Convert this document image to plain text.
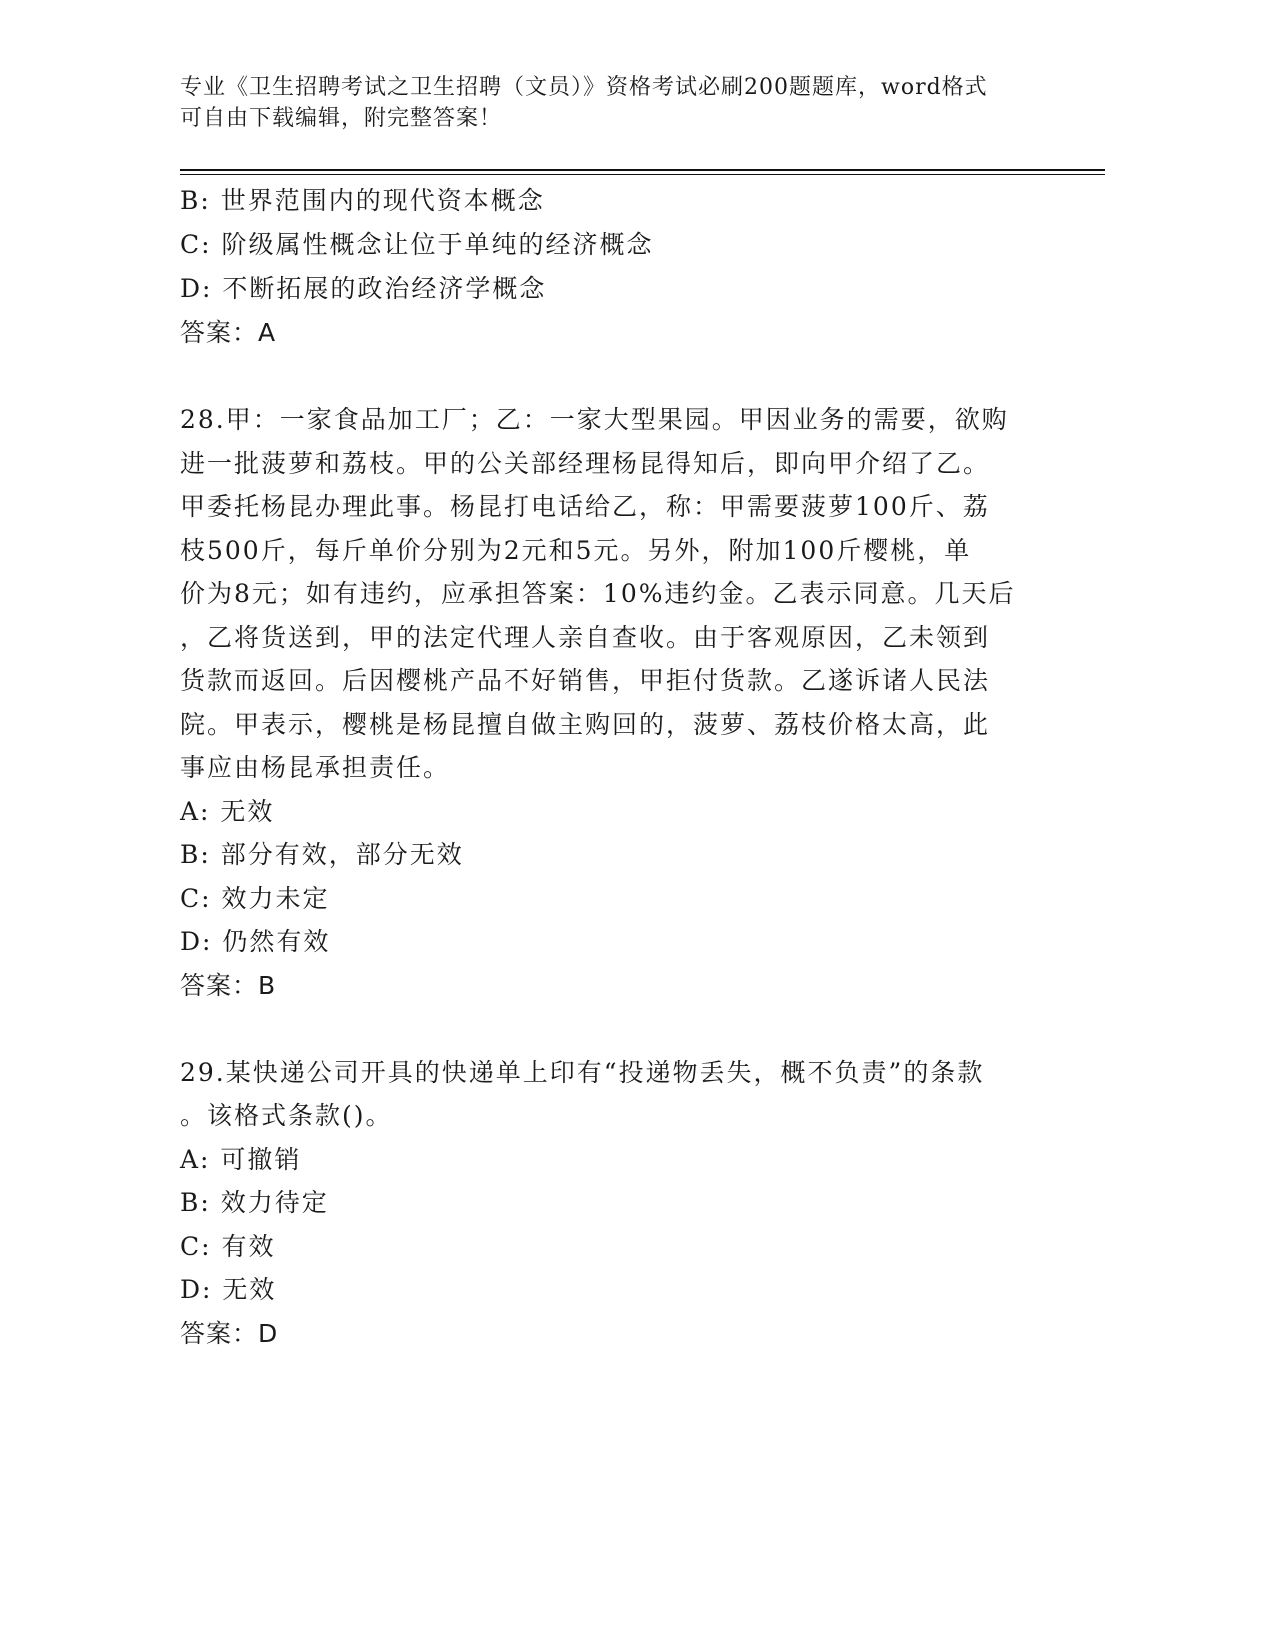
专业《卫生招聘考试之卫生招聘（文员）》资格考试必刷200题题库，word格式
可自由下载编辑，附完整答案！
B: 世界范围内的现代资本概念
C: 阶级属性概念让位于单纯的经济概念
D: 不断拓展的政治经济学概念
答案：A
28.甲：一家食品加工厂；乙：一家大型果园。甲因业务的需要，欲购
进一批菠萝和荔枝。甲的公关部经理杨昆得知后，即向甲介绍了乙。
甲委托杨昆办理此事。杨昆打电话给乙，称：甲需要菠萝100斤、荔
枝500斤，每斤单价分别为2元和5元。另外，附加100斤樱桃，单
价为8元；如有违约，应承担答案：10%违约金。乙表示同意。几天后
，乙将货送到，甲的法定代理人亲自查收。由于客观原因，乙未领到
货款而返回。后因樱桃产品不好销售，甲拒付货款。乙遂诉诸人民法
院。甲表示，樱桃是杨昆擅自做主购回的，菠萝、荔枝价格太高，此
事应由杨昆承担责任。
A: 无效
B: 部分有效，部分无效
C: 效力未定
D: 仍然有效
答案：B
29.某快递公司开具的快递单上印有“投递物丢失，概不负责”的条款
。该格式条款()。
A: 可撤销
B: 效力待定
C: 有效
D: 无效
答案：D
